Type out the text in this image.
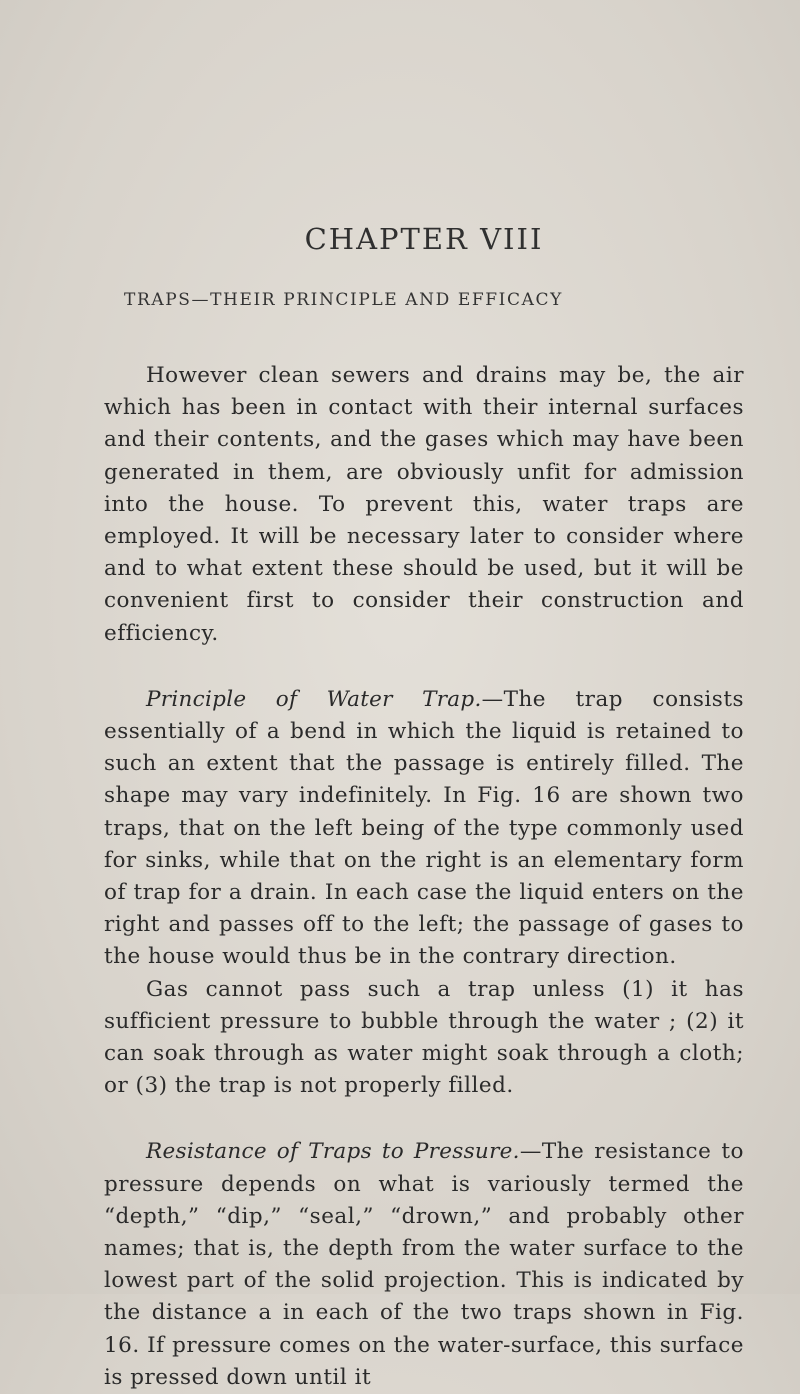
CHAPTER VIII
TRAPS—THEIR PRINCIPLE AND EFFICACY

However clean sewers and drains may be, the air which has been in contact with their internal surfaces and their contents, and the gases which may have been generated in them, are obviously unfit for admission into the house. To prevent this, water traps are employed. It will be necessary later to consider where and to what extent these should be used, but it will be convenient first to consider their construction and efficiency.

Principle of Water Trap.—The trap consists essentially of a bend in which the liquid is retained to such an extent that the passage is entirely filled. The shape may vary indefinitely. In Fig. 16 are shown two traps, that on the left being of the type commonly used for sinks, while that on the right is an elementary form of trap for a drain. In each case the liquid enters on the right and passes off to the left; the passage of gases to the house would thus be in the contrary direction.

Gas cannot pass such a trap unless (1) it has sufficient pressure to bubble through the water ; (2) it can soak through as water might soak through a cloth; or (3) the trap is not properly filled.

Resistance of Traps to Pressure.—The resistance to pressure depends on what is variously termed the “depth,” “dip,” “seal,” “drown,” and probably other names; that is, the depth from the water surface to the lowest part of the solid projection. This is indicated by the distance a in each of the two traps shown in Fig. 16. If pressure comes on the water-surface, this surface is pressed down until it
